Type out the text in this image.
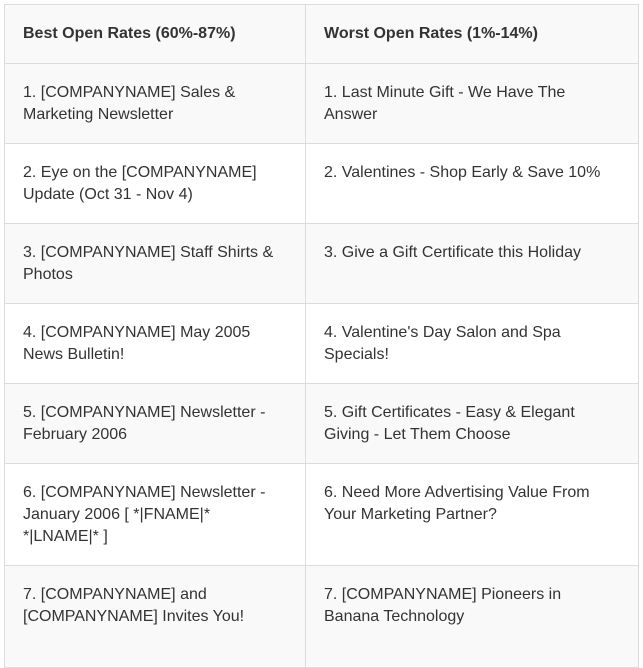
Best Open Rates (60%-87%)	Worst Open Rates (1%-14%)
1. [COMPANYNAME] Sales & Marketing Newsletter	1. Last Minute Gift - We Have The Answer
2. Eye on the [COMPANYNAME] Update (Oct 31 - Nov 4)	2. Valentines - Shop Early & Save 10%
3. [COMPANYNAME] Staff Shirts & Photos	3. Give a Gift Certificate this Holiday
4. [COMPANYNAME] May 2005 News Bulletin!	4. Valentine's Day Salon and Spa Specials!
5. [COMPANYNAME] Newsletter - February 2006	5. Gift Certificates - Easy & Elegant Giving - Let Them Choose
6. [COMPANYNAME] Newsletter - January 2006 [ *|FNAME|* *|LNAME|* ]	6. Need More Advertising Value From Your Marketing Partner?
7. [COMPANYNAME] and [COMPANYNAME] Invites You!	7. [COMPANYNAME] Pioneers in Banana Technology
